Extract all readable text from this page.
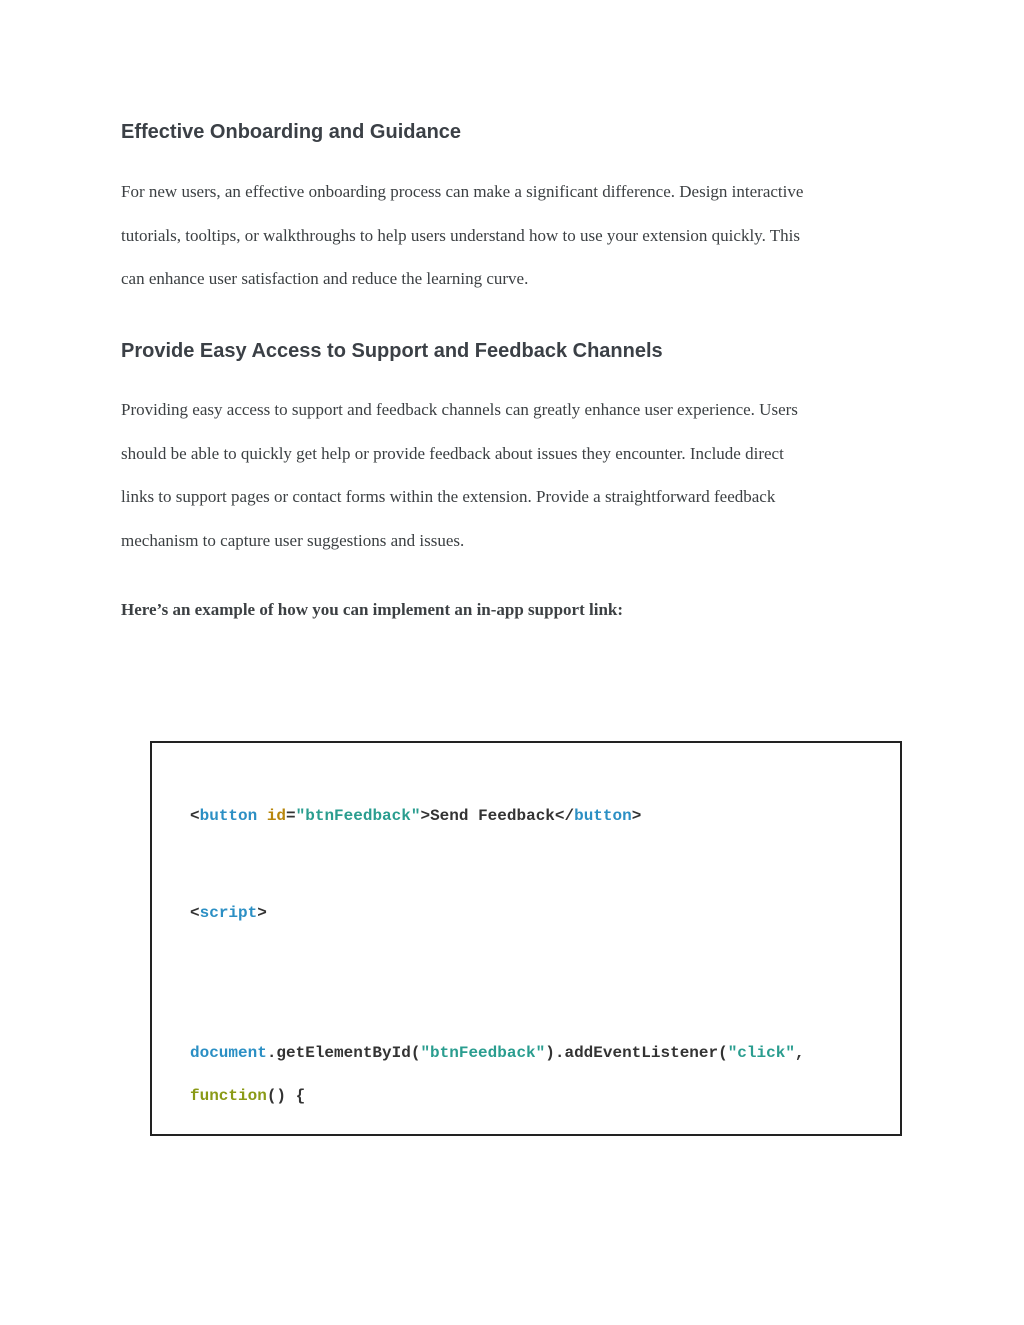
Effective Onboarding and Guidance

For new users, an effective onboarding process can make a significant difference. Design interactive
tutorials, tooltips, or walkthroughs to help users understand how to use your extension quickly. This
can enhance user satisfaction and reduce the learning curve.

Provide Easy Access to Support and Feedback Channels

Providing easy access to support and feedback channels can greatly enhance user experience. Users
should be able to quickly get help or provide feedback about issues they encounter. Include direct
links to support pages or contact forms within the extension. Provide a straightforward feedback
mechanism to capture user suggestions and issues.

Here’s an example of how you can implement an in-app support link:

<button id="btnFeedback">Send Feedback</button>
<script>
document.getElementById("btnFeedback").addEventListener("click",
function() {
